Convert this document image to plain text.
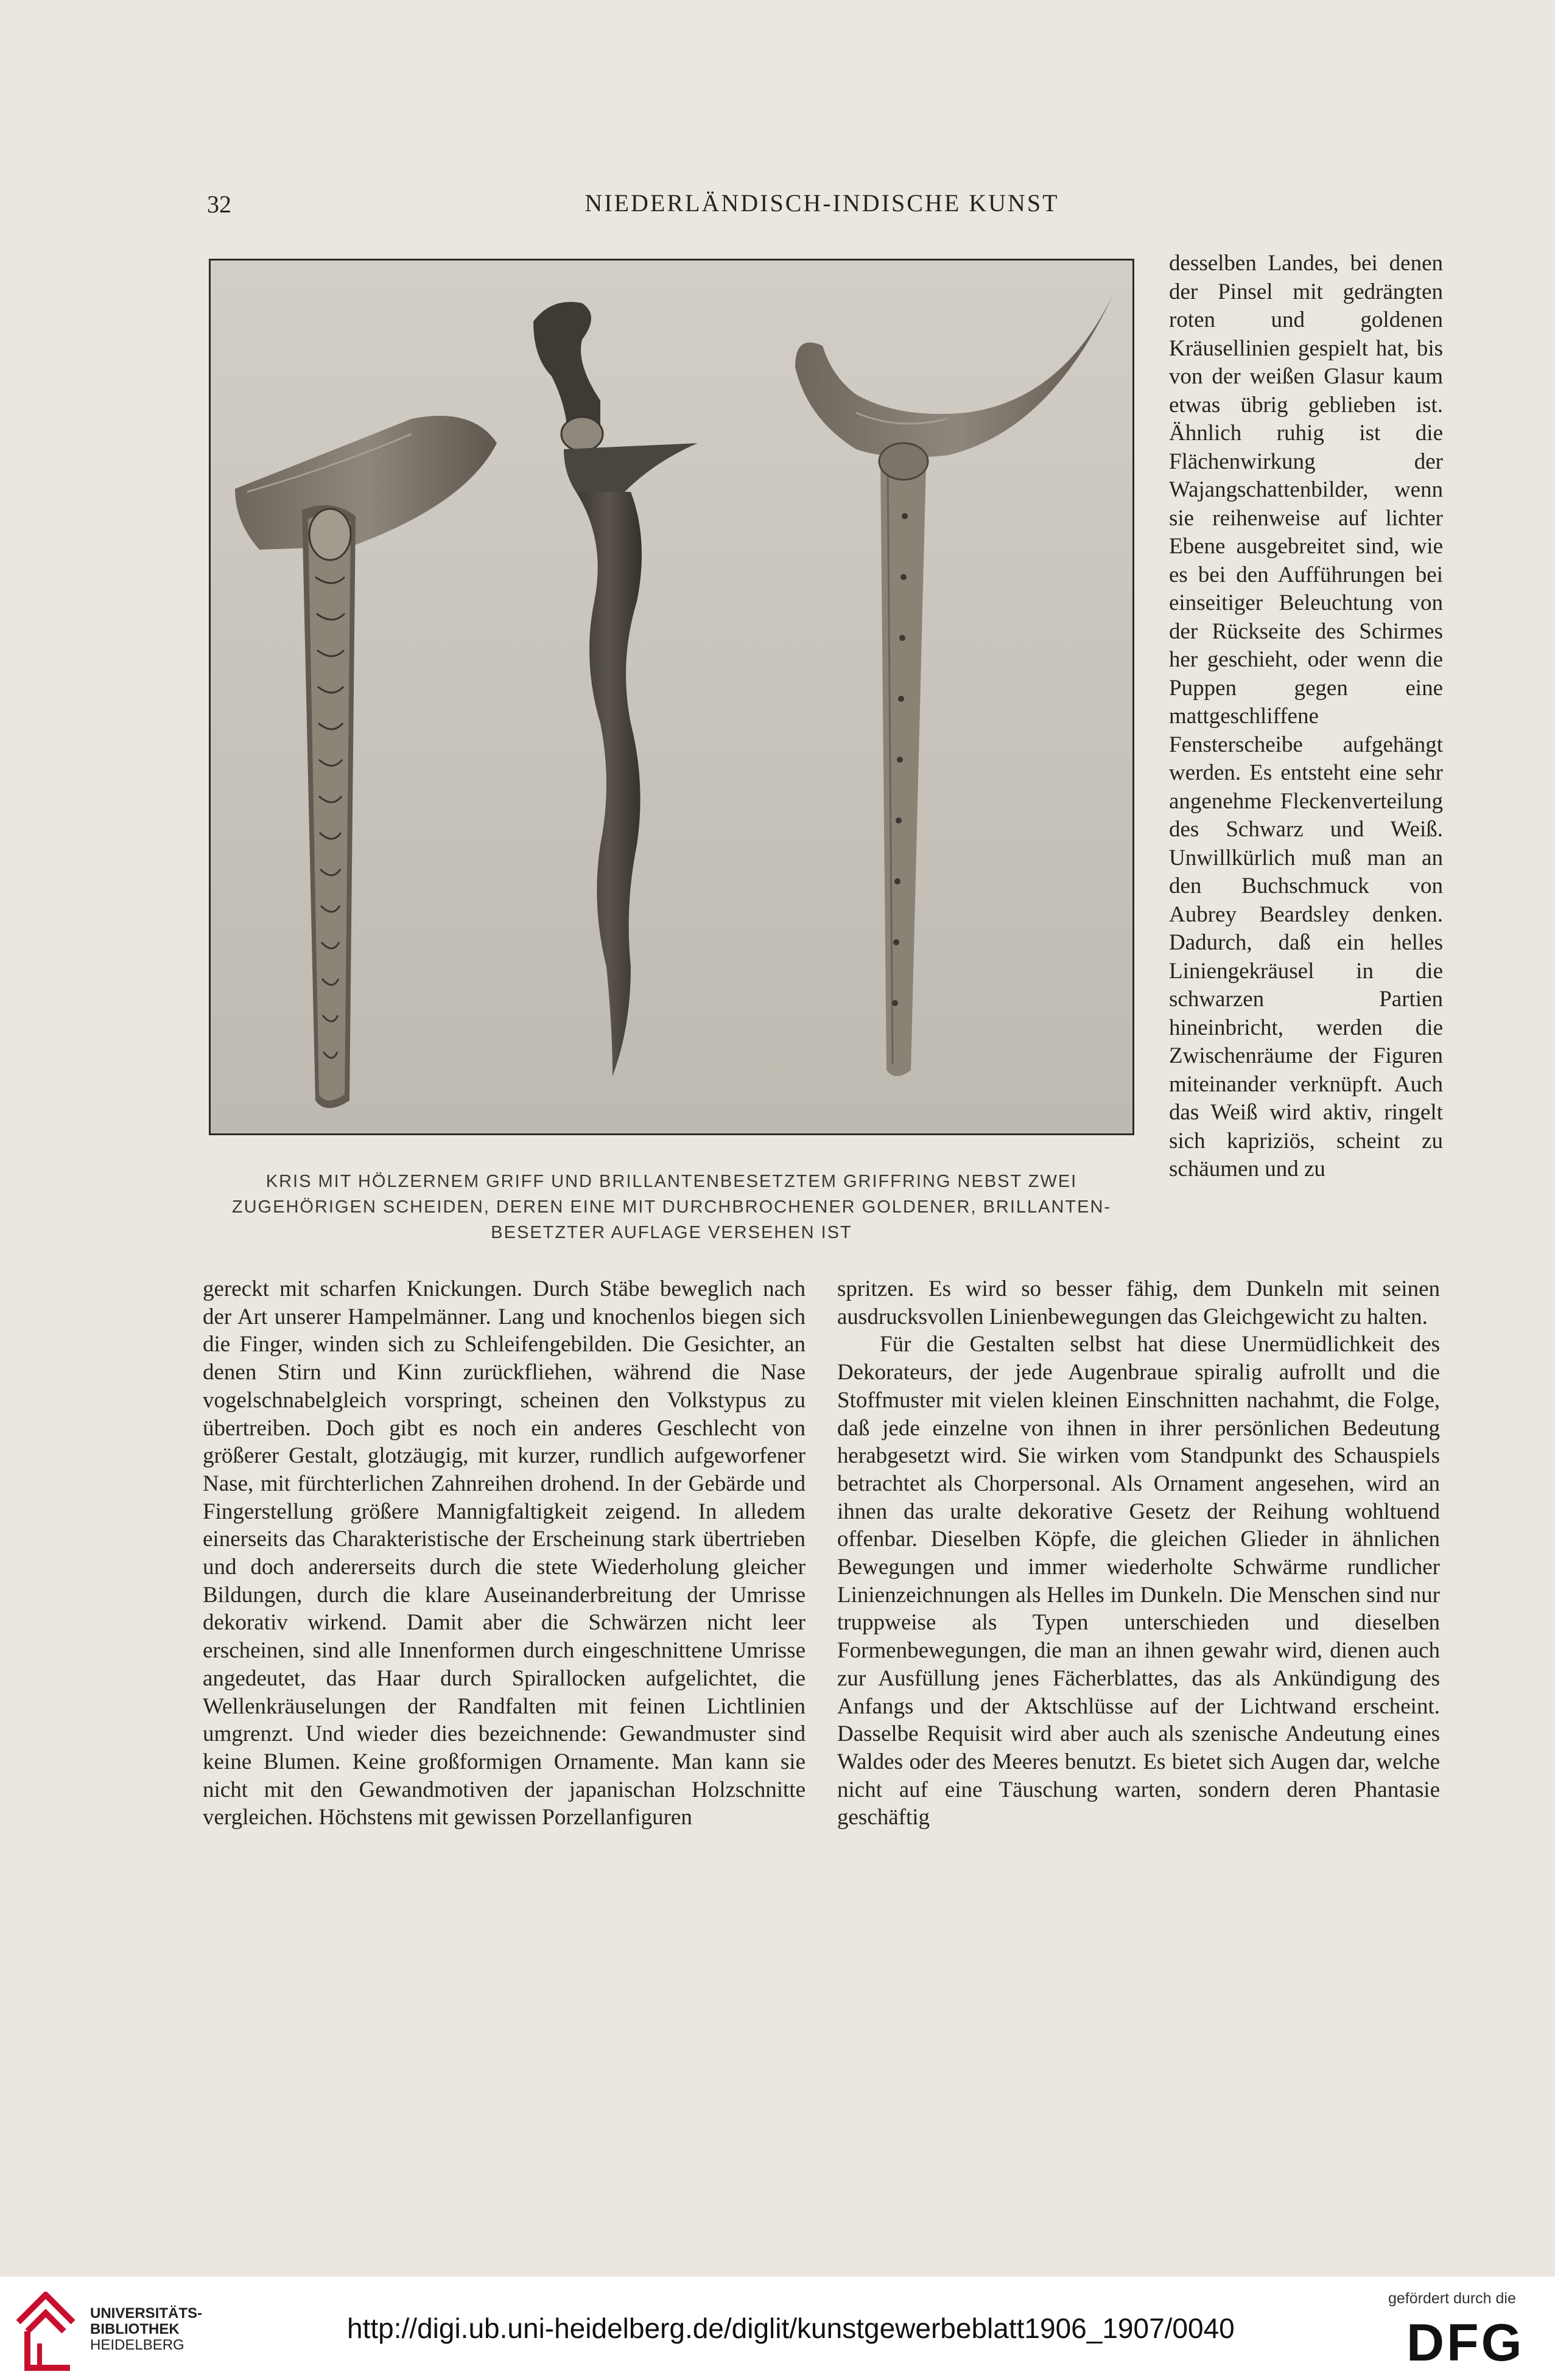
32	NIEDERLÄNDISCH-INDISCHE KUNST
KRIS MIT HÖLZERNEM GRIFF UND BRILLANTENBESETZTEM GRIFFRING NEBST ZWEI
ZUGEHÖRIGEN SCHEIDEN, DEREN EINE MIT DURCHBROCHENER GOLDENER, BRILLANTEN-
BESETZTER AUFLAGE VERSEHEN IST
desselben Landes, bei denen der Pinsel mit gedrängten roten und goldenen Kräusellinien gespielt hat, bis von der weißen Glasur kaum etwas übrig geblieben ist. Ähnlich ruhig ist die Flächenwirkung der Wajangschattenbilder, wenn sie reihenweise auf lichter Ebene ausgebreitet sind, wie es bei den Aufführungen bei einseitiger Beleuchtung von der Rückseite des Schirmes her geschieht, oder wenn die Puppen gegen eine mattgeschliffene Fensterscheibe aufgehängt werden. Es entsteht eine sehr angenehme Fleckenverteilung des Schwarz und Weiß. Unwillkürlich muß man an den Buchschmuck von Aubrey Beardsley denken. Dadurch, daß ein helles Liniengekräusel in die schwarzen Partien hineinbricht, werden die Zwischenräume der Figuren miteinander verknüpft. Auch das Weiß wird aktiv, ringelt sich kapriziös, scheint zu schäumen und zu

gereckt mit scharfen Knickungen. Durch Stäbe beweglich nach der Art unserer Hampelmänner. Lang und knochenlos biegen sich die Finger, winden sich zu Schleifengebilden. Die Gesichter, an denen Stirn und Kinn zurückfliehen, während die Nase vogelschnabelgleich vorspringt, scheinen den Volkstypus zu übertreiben. Doch gibt es noch ein anderes Geschlecht von größerer Gestalt, glotzäugig, mit kurzer, rundlich aufgeworfener Nase, mit fürchterlichen Zahnreihen drohend. In der Gebärde und Fingerstellung größere Mannigfaltigkeit zeigend. In alledem einerseits das Charakteristische der Erscheinung stark übertrieben und doch andererseits durch die stete Wiederholung gleicher Bildungen, durch die klare Auseinanderbreitung der Umrisse dekorativ wirkend. Damit aber die Schwärzen nicht leer erscheinen, sind alle Innenformen durch eingeschnittene Umrisse angedeutet, das Haar durch Spirallocken aufgelichtet, die Wellenkräuselungen der Randfalten mit feinen Lichtlinien umgrenzt. Und wieder dies bezeichnende: Gewandmuster sind keine Blumen. Keine großformigen Ornamente. Man kann sie nicht mit den Gewandmotiven der japanischan Holzschnitte vergleichen. Höchstens mit gewissen Porzellanfiguren

spritzen. Es wird so besser fähig, dem Dunkeln mit seinen ausdrucksvollen Linienbewegungen das Gleichgewicht zu halten.

Für die Gestalten selbst hat diese Unermüdlichkeit des Dekorateurs, der jede Augenbraue spiralig aufrollt und die Stoffmuster mit vielen kleinen Einschnitten nachahmt, die Folge, daß jede einzelne von ihnen in ihrer persönlichen Bedeutung herabgesetzt wird. Sie wirken vom Standpunkt des Schauspiels betrachtet als Chorpersonal. Als Ornament angesehen, wird an ihnen das uralte dekorative Gesetz der Reihung wohltuend offenbar. Dieselben Köpfe, die gleichen Glieder in ähnlichen Bewegungen und immer wiederholte Schwärme rundlicher Linienzeichnungen als Helles im Dunkeln. Die Menschen sind nur truppweise als Typen unterschieden und dieselben Formenbewegungen, die man an ihnen gewahr wird, dienen auch zur Ausfüllung jenes Fächerblattes, das als Ankündigung des Anfangs und der Aktschlüsse auf der Lichtwand erscheint. Dasselbe Requisit wird aber auch als szenische Andeutung eines Waldes oder des Meeres benutzt. Es bietet sich Augen dar, welche nicht auf eine Täuschung warten, sondern deren Phantasie geschäftig

UNIVERSITÄTS-
BIBLIOTHEK
HEIDELBERG
http://digi.ub.uni-heidelberg.de/diglit/kunstgewerbeblatt1906_1907/0040
gefördert durch die
DFG
